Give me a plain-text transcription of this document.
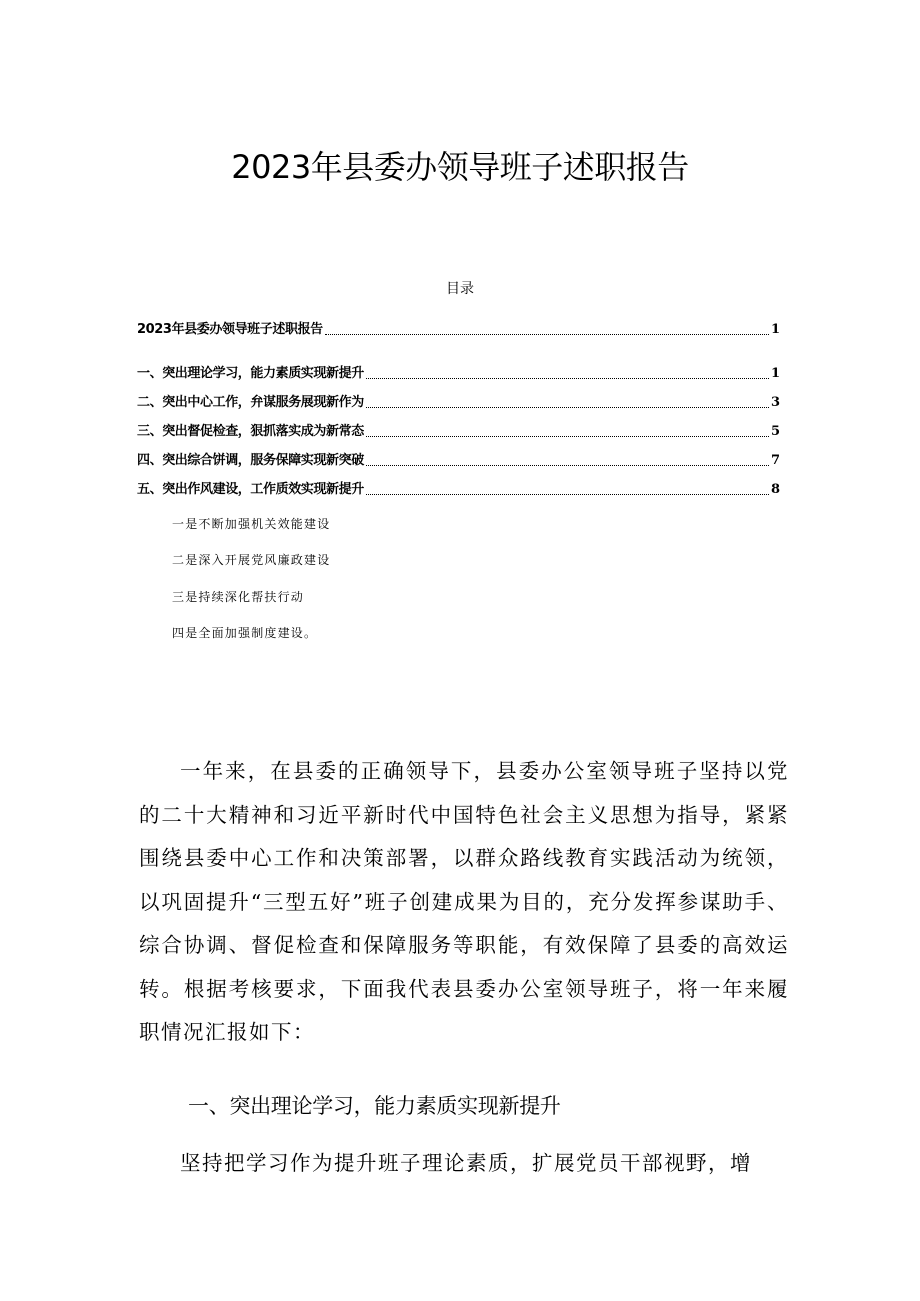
2023年县委办领导班子述职报告
目录
2023年县委办领导班子述职报告	1
一、突出理论学习，能力素质实现新提升	1
二、突出中心工作，弁谋服务展现新作为	3
三、突出督促检查，狠抓落实成为新常态	5
四、突出综合饼调，服务保障实现新突破	7
五、突出作风建设，工作质效实现新提升	8
一是不断加强机关效能建设
二是深入开展党风廉政建设
三是持续深化帮扶行动
四是全面加强制度建设。

一年来，在县委的正确领导下，县委办公室领导班子坚持以党的二十大精神和习近平新时代中国特色社会主义思想为指导，紧紧围绕县委中心工作和决策部署，以群众路线教育实践活动为统领，以巩固提升“三型五好”班子创建成果为目的，充分发挥参谋助手、综合协调、督促检查和保障服务等职能，有效保障了县委的高效运转。根据考核要求，下面我代表县委办公室领导班子，将一年来履职情况汇报如下：

一、突出理论学习，能力素质实现新提升

坚持把学习作为提升班子理论素质，扩展党员干部视野，增
